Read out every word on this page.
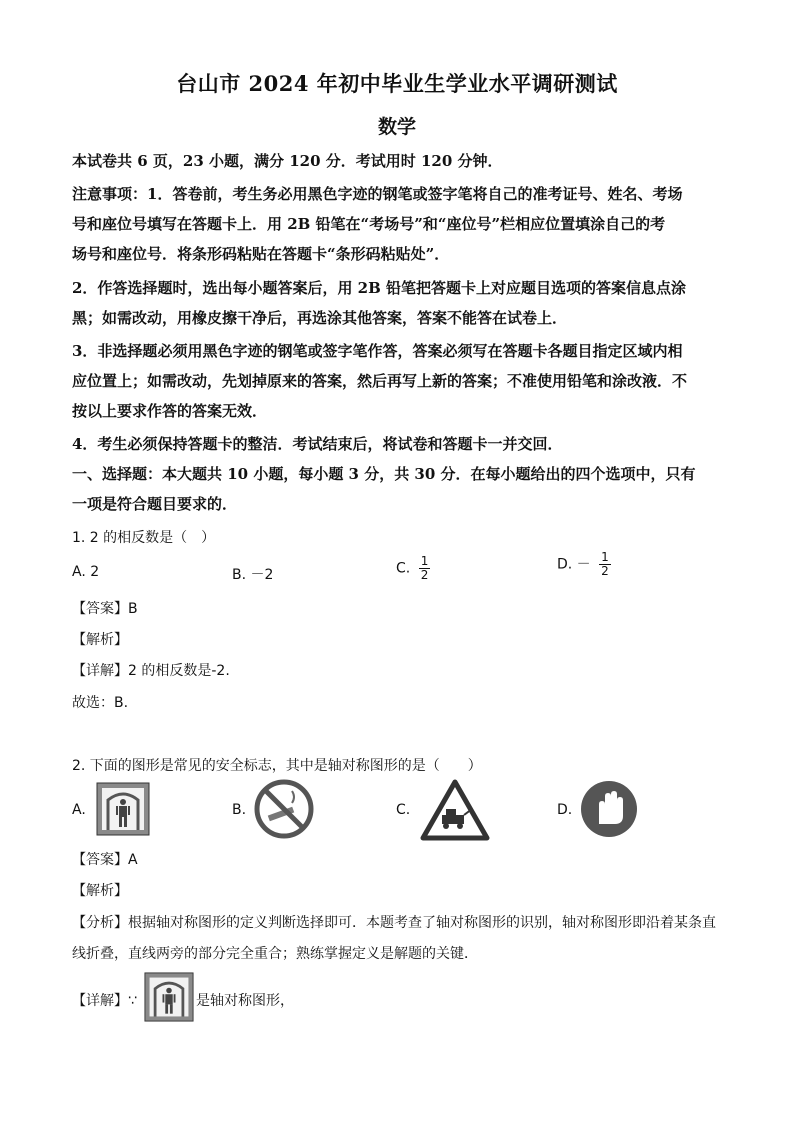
台山市 2024 年初中毕业生学业水平调研测试
数学
本试卷共 6 页，23 小题，满分 120 分．考试用时 120 分钟．
注意事项：1．答卷前，考生务必用黑色字迹的钢笔或签字笔将自己的准考证号、姓名、考场
号和座位号填写在答题卡上．用 2B 铅笔在“考场号”和“座位号”栏相应位置填涂自己的考
场号和座位号．将条形码粘贴在答题卡“条形码粘贴处”．
2．作答选择题时，选出每小题答案后，用 2B 铅笔把答题卡上对应题目选项的答案信息点涂
黑；如需改动，用橡皮擦干净后，再选涂其他答案，答案不能答在试卷上．
3．非选择题必须用黑色字迹的钢笔或签字笔作答，答案必须写在答题卡各题目指定区域内相
应位置上；如需改动，先划掉原来的答案，然后再写上新的答案；不准使用铅笔和涂改液．不
按以上要求作答的答案无效．
4．考生必须保持答题卡的整洁．考试结束后，将试卷和答题卡一并交回．
一、选择题：本大题共 10 小题，每小题 3 分，共 30 分．在每小题给出的四个选项中，只有
一项是符合题目要求的．
1. 2 的相反数是（　）
A. 2	B. －2	C. $\frac{1}{2}$	D. － $\frac{1}{2}$
【答案】B
【解析】
【详解】2 的相反数是-2.
故选：B.
2. 下面的图形是常见的安全标志，其中是轴对称图形的是（　　）
A.	B.	C.	D.
【答案】A
【解析】
【分析】根据轴对称图形的定义判断选择即可．本题考查了轴对称图形的识别，轴对称图形即沿着某条直
线折叠，直线两旁的部分完全重合；熟练掌握定义是解题的关键．
【详解】∵	是轴对称图形，
